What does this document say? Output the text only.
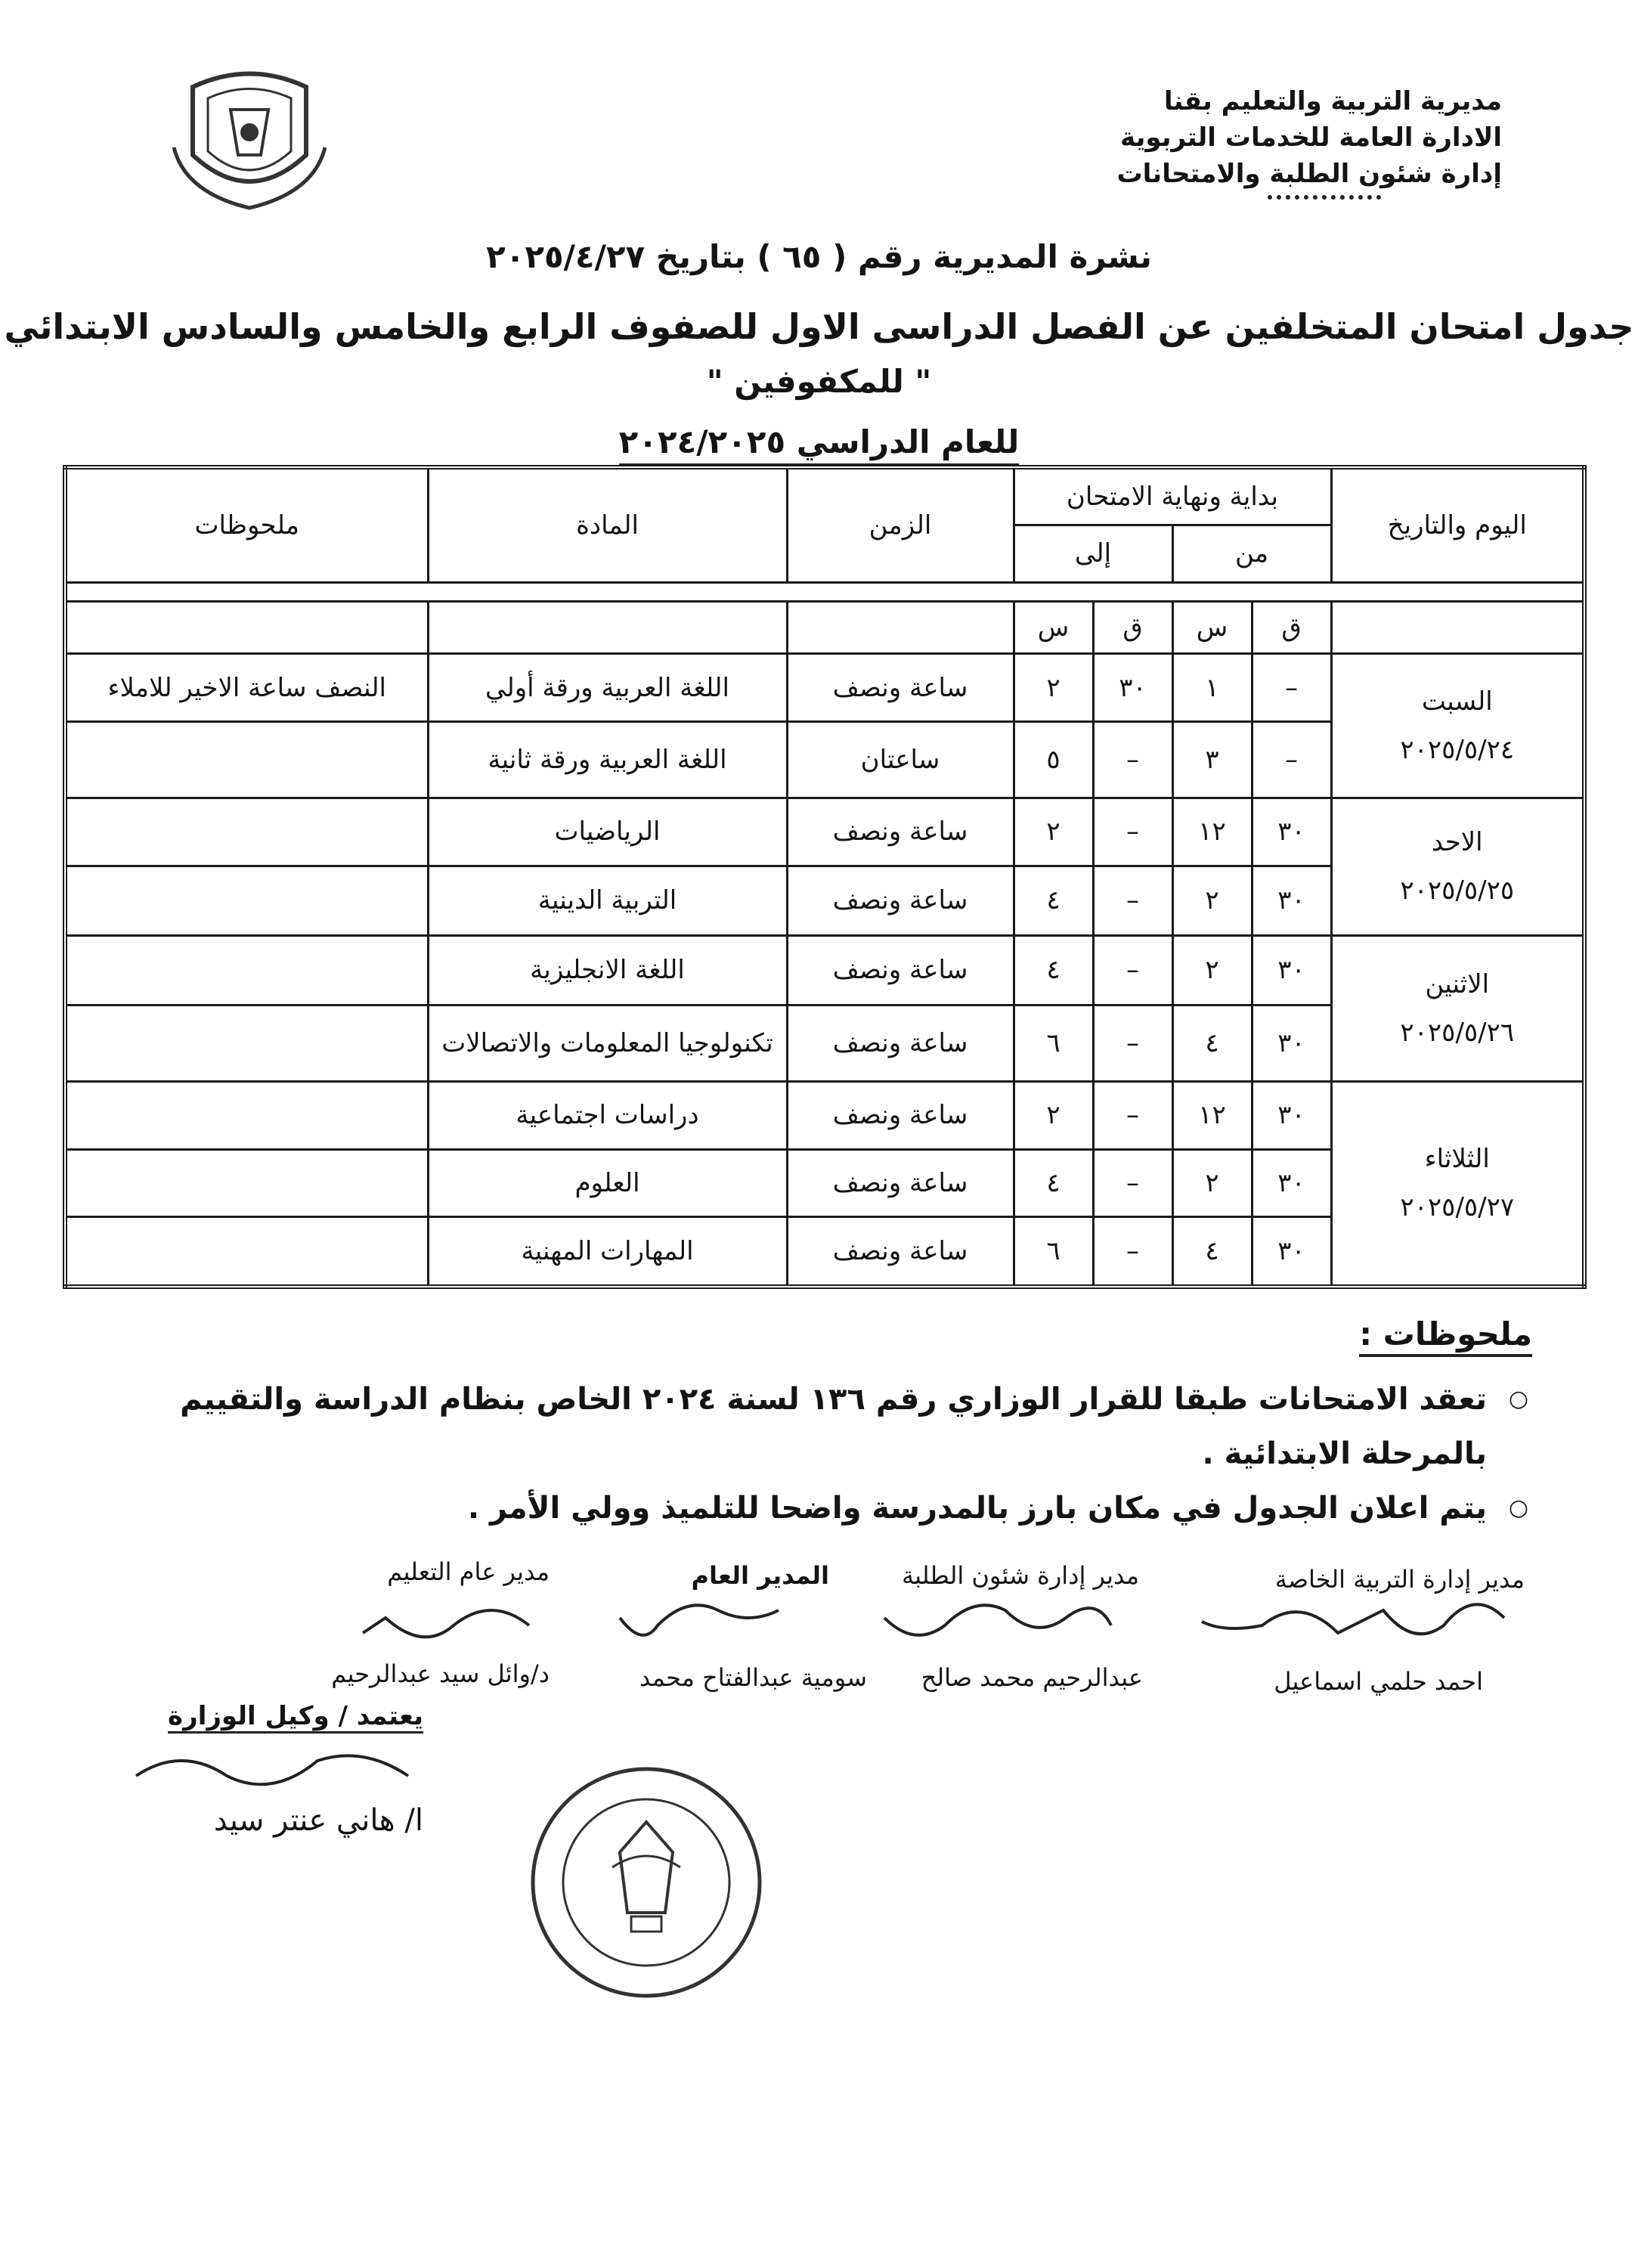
مديرية التربية والتعليم بقنا
الادارة العامة للخدمات التربوية
إدارة شئون الطلبة والامتحانات
نشرة المديرية رقم ( ٦٥ ) بتاريخ ٢٠٢٥/٤/٢٧
جدول امتحان المتخلفين عن الفصل الدراسى الاول للصفوف الرابع والخامس والسادس الابتدائي
" للمكفوفين "
للعام الدراسي ٢٠٢٤/٢٠٢٥
اليوم والتاريخ	بداية ونهاية الامتحان				الزمن	المادة	ملحوظات
	من		إلى				

	ق	س	ق	س			

السبت
٢٠٢٥/٥/٢٤	–	١	٣٠	٢	ساعة ونصف	اللغة العربية ورقة أولي	النصف ساعة الاخير للاملاء
	–	٣	–	٥	ساعتان	اللغة العربية ورقة ثانية	

الاحد
٢٠٢٥/٥/٢٥	٣٠	١٢	–	٢	ساعة ونصف	الرياضيات	
	٣٠	٢	–	٤	ساعة ونصف	التربية الدينية	

الاثنين
٢٠٢٥/٥/٢٦	٣٠	٢	–	٤	ساعة ونصف	اللغة الانجليزية	
	٣٠	٤	–	٦	ساعة ونصف	تكنولوجيا المعلومات والاتصالات	

الثلاثاء
٢٠٢٥/٥/٢٧	٣٠	١٢	–	٢	ساعة ونصف	دراسات اجتماعية	
	٣٠	٢	–	٤	ساعة ونصف	العلوم	
	٣٠	٤	–	٦	ساعة ونصف	المهارات المهنية	
ملحوظات :
○
تعقد الامتحانات طبقا للقرار الوزاري رقم ١٣٦ لسنة ٢٠٢٤ الخاص بنظام الدراسة والتقييم بالمرحلة الابتدائية .
○
يتم اعلان الجدول في مكان بارز بالمدرسة واضحا للتلميذ وولي الأمر .
مدير إدارة التربية الخاصة
مدير إدارة شئون الطلبة
المدير العام
مدير عام التعليم
احمد حلمي اسماعيل
عبدالرحيم محمد صالح
سومية عبدالفتاح محمد
د/وائل سيد عبدالرحيم
يعتمد / وكيل الوزارة
ا/ هاني عنتر سيد
